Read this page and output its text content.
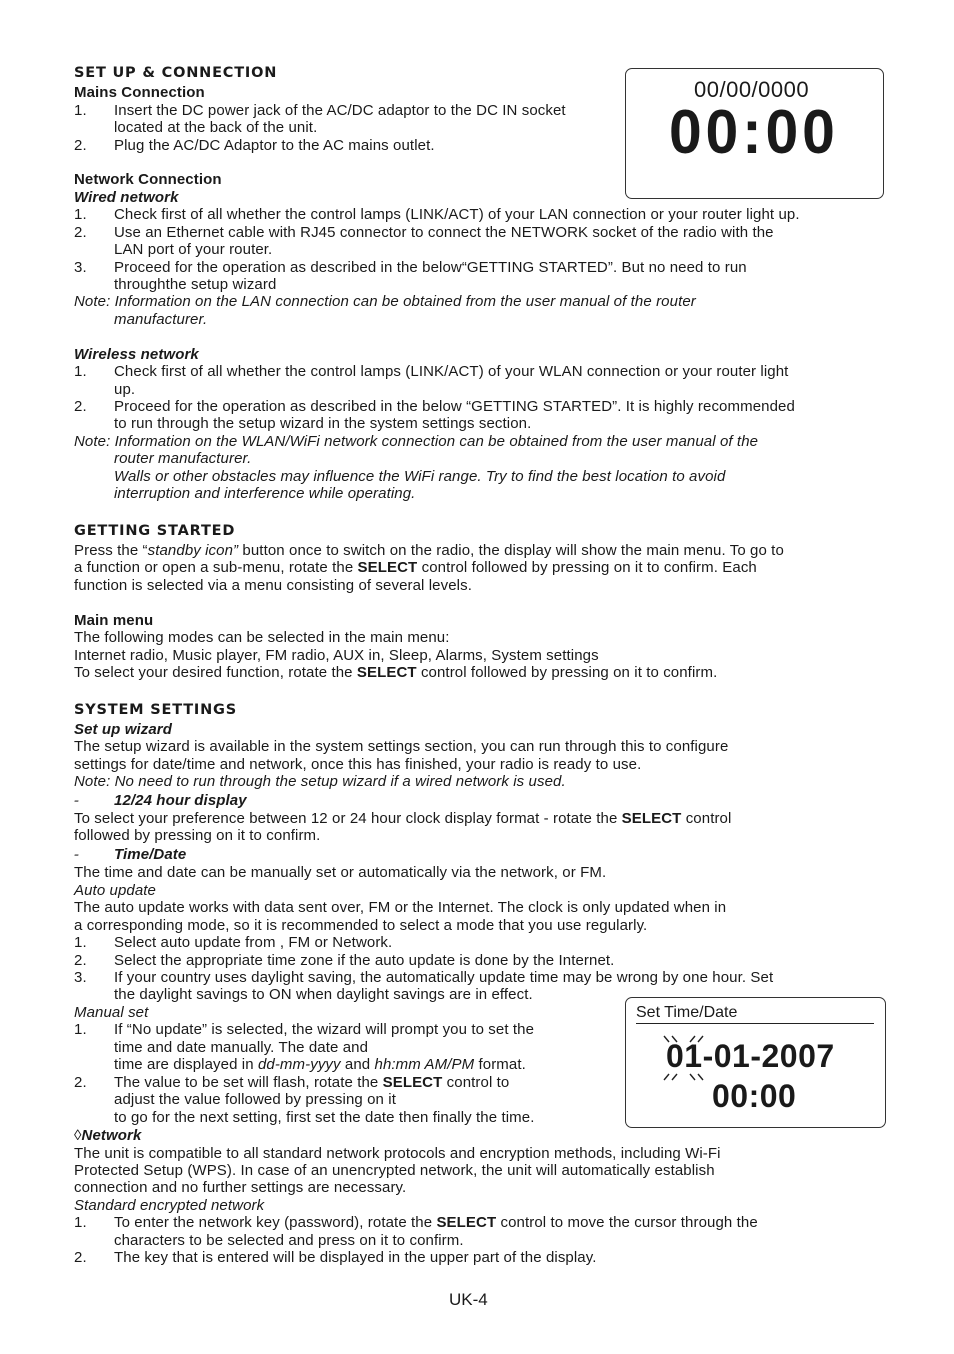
00/00/0000
00:00
SET UP & CONNECTION
Mains Connection
1. Insert the DC power jack of the AC/DC adaptor to the DC IN socket
located at the back of the unit.
2. Plug the AC/DC Adaptor to the AC mains outlet.
Network Connection
Wired network
1. Check first of all whether the control lamps (LINK/ACT) of your LAN connection or your router light up.
2. Use an Ethernet cable with RJ45 connector to connect the NETWORK socket of the radio with the
LAN port of your router.
3. Proceed for the operation as described in the below“GETTING STARTED”. But no need to run
throughthe setup wizard
Note: Information on the LAN connection can be obtained from the user manual of the router
manufacturer.
Wireless network
1. Check first of all whether the control lamps (LINK/ACT) of your WLAN connection or your router light
up.
2. Proceed for the operation as described in the below “GETTING STARTED”. It is highly recommended
to run through the setup wizard in the system settings section.
Note: Information on the WLAN/WiFi network connection can be obtained from the user manual of the
router manufacturer.
Walls or other obstacles may influence the WiFi range. Try to find the best location to avoid
interruption and interference while operating.
GETTING STARTED
Press the “standby icon” button once to switch on the radio, the display will show the main menu. To go to
a function or open a sub-menu, rotate the SELECT control followed by pressing on it to confirm. Each
function is selected via a menu consisting of several levels.
Main menu
The following modes can be selected in the main menu:
Internet radio, Music player, FM radio, AUX in, Sleep, Alarms, System settings
To select your desired function, rotate the SELECT control followed by pressing on it to confirm.
SYSTEM SETTINGS
Set up wizard
The setup wizard is available in the system settings section, you can run through this to configure
settings for date/time and network, once this has finished, your radio is ready to use.
Note: No need to run through the setup wizard if a wired network is used.
- 12/24 hour display
To select your preference between 12 or 24 hour clock display format - rotate the SELECT control
followed by pressing on it to confirm.
- Time/Date
The time and date can be manually set or automatically via the network, or FM.
Auto update
The auto update works with data sent over, FM or the Internet. The clock is only updated when in
a corresponding mode, so it is recommended to select a mode that you use regularly.
1. Select auto update from , FM or Network.
2. Select the appropriate time zone if the auto update is done by the Internet.
3. If your country uses daylight saving, the automatically update time may be wrong by one hour. Set
the daylight savings to ON when daylight savings are in effect.
Manual set
1. If “No update” is selected, the wizard will prompt you to set the
time and date manually. The date and
time are displayed in dd-mm-yyyy and hh:mm AM/PM format.
2. The value to be set will flash, rotate the SELECT control to
adjust the value followed by pressing on it
to go for the next setting, first set the date then finally the time.
◊Network
The unit is compatible to all standard network protocols and encryption methods, including Wi-Fi
Protected Setup (WPS). In case of an unencrypted network, the unit will automatically establish
connection and no further settings are necessary.
Standard encrypted network
1. To enter the network key (password), rotate the SELECT control to move the cursor through the
characters to be selected and press on it to confirm.
2. The key that is entered will be displayed in the upper part of the display.
Set Time/Date
01-01-2007
00:00
UK-4
